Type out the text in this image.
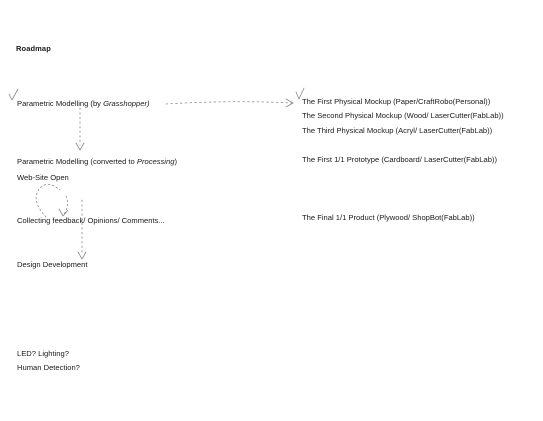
Roadmap
Parametric Modelling (by Grasshopper)
Parametric Modelling (converted to Processing)
Web-Site Open
Collecting feedback/ Opinions/ Comments...
Design Development
LED? Lighting?
Human Detection?
The First Physical Mockup (Paper/CraftRobo(Personal))
The Second Physical Mockup (Wood/ LaserCutter(FabLab))
The Third Physical Mockup (Acryl/ LaserCutter(FabLab))
The First 1/1 Prototype (Cardboard/ LaserCutter(FabLab))
The Final 1/1 Product (Plywood/ ShopBot(FabLab))
